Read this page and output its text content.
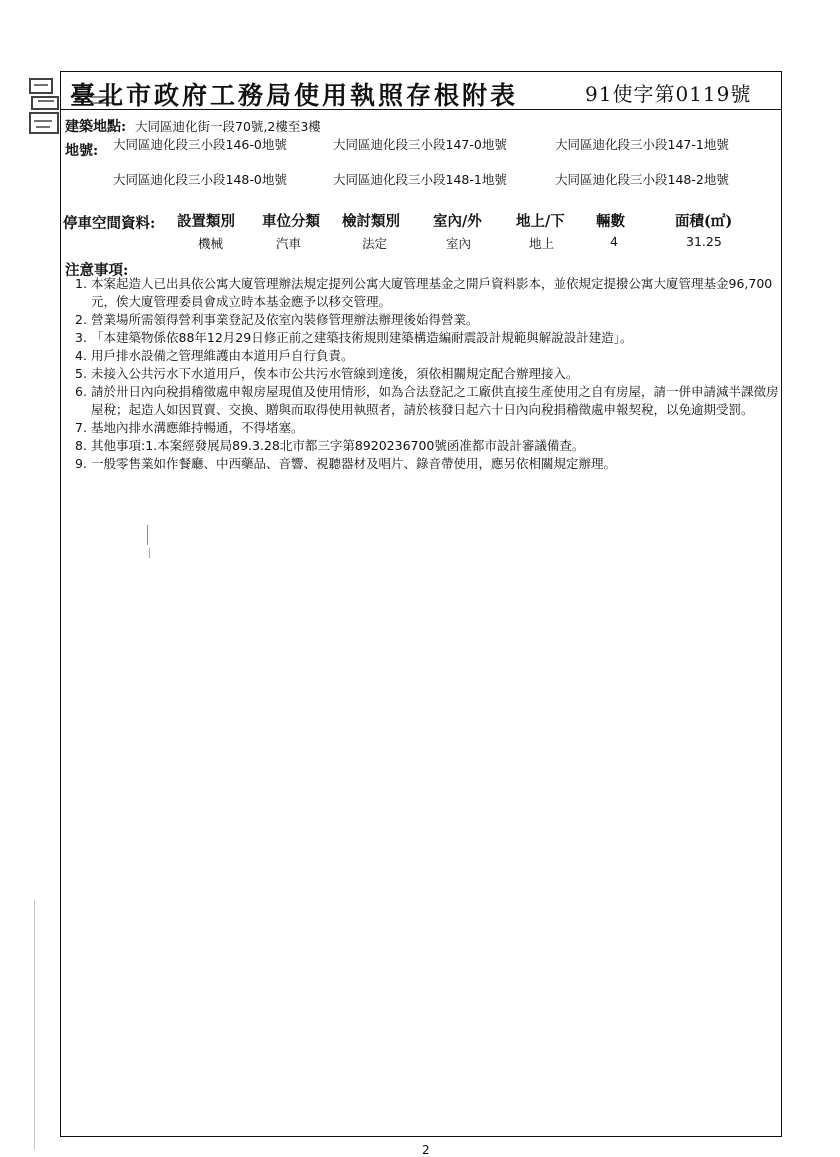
臺北市政府工務局使用執照存根附表	91使字第0119號
建築地點: 大同區迪化街一段70號,2樓至3樓
地號: 大同區迪化段三小段146-0地號	大同區迪化段三小段147-0地號	大同區迪化段三小段147-1地號
大同區迪化段三小段148-0地號	大同區迪化段三小段148-1地號	大同區迪化段三小段148-2地號
停車空間資料: 設置類別 車位分類 檢討類別 室內/外 地上/下 輛數	面積(㎡)
機械	汽車	法定	室內	地上	4	31.25
注意事項:
1. 本案起造人已出具依公寓大廈管理辦法規定提列公寓大廈管理基金之開戶資料影本，並依規定提撥公寓大廈管理基金96,700元，俟大廈管理委員會成立時本基金應予以移交管理。
2. 營業場所需領得營利事業登記及依室內裝修管理辦法辦理後始得營業。
3. 「本建築物係依88年12月29日修正前之建築技術規則建築構造編耐震設計規範與解說設計建造」。
4. 用戶排水設備之管理維護由本道用戶自行負責。
5. 未接入公共污水下水道用戶，俟本市公共污水管線到達後，須依相關規定配合辦理接入。
6. 請於卅日內向稅捐稽徵處申報房屋現值及使用情形，如為合法登記之工廠供直接生產使用之自有房屋，請一併申請減半課徵房屋稅；起造人如因買賣、交換、贈與而取得使用執照者，請於核發日起六十日內向稅捐稽徵處申報契稅，以免逾期受罰。
7. 基地內排水溝應維持暢通，不得堵塞。
8. 其他事項:1.本案經發展局89.3.28北市都三字第8920236700號函准都市設計審議備查。
9. 一般零售業如作餐廳、中西藥品、音響、視聽器材及唱片、錄音帶使用，應另依相關規定辦理。
2
